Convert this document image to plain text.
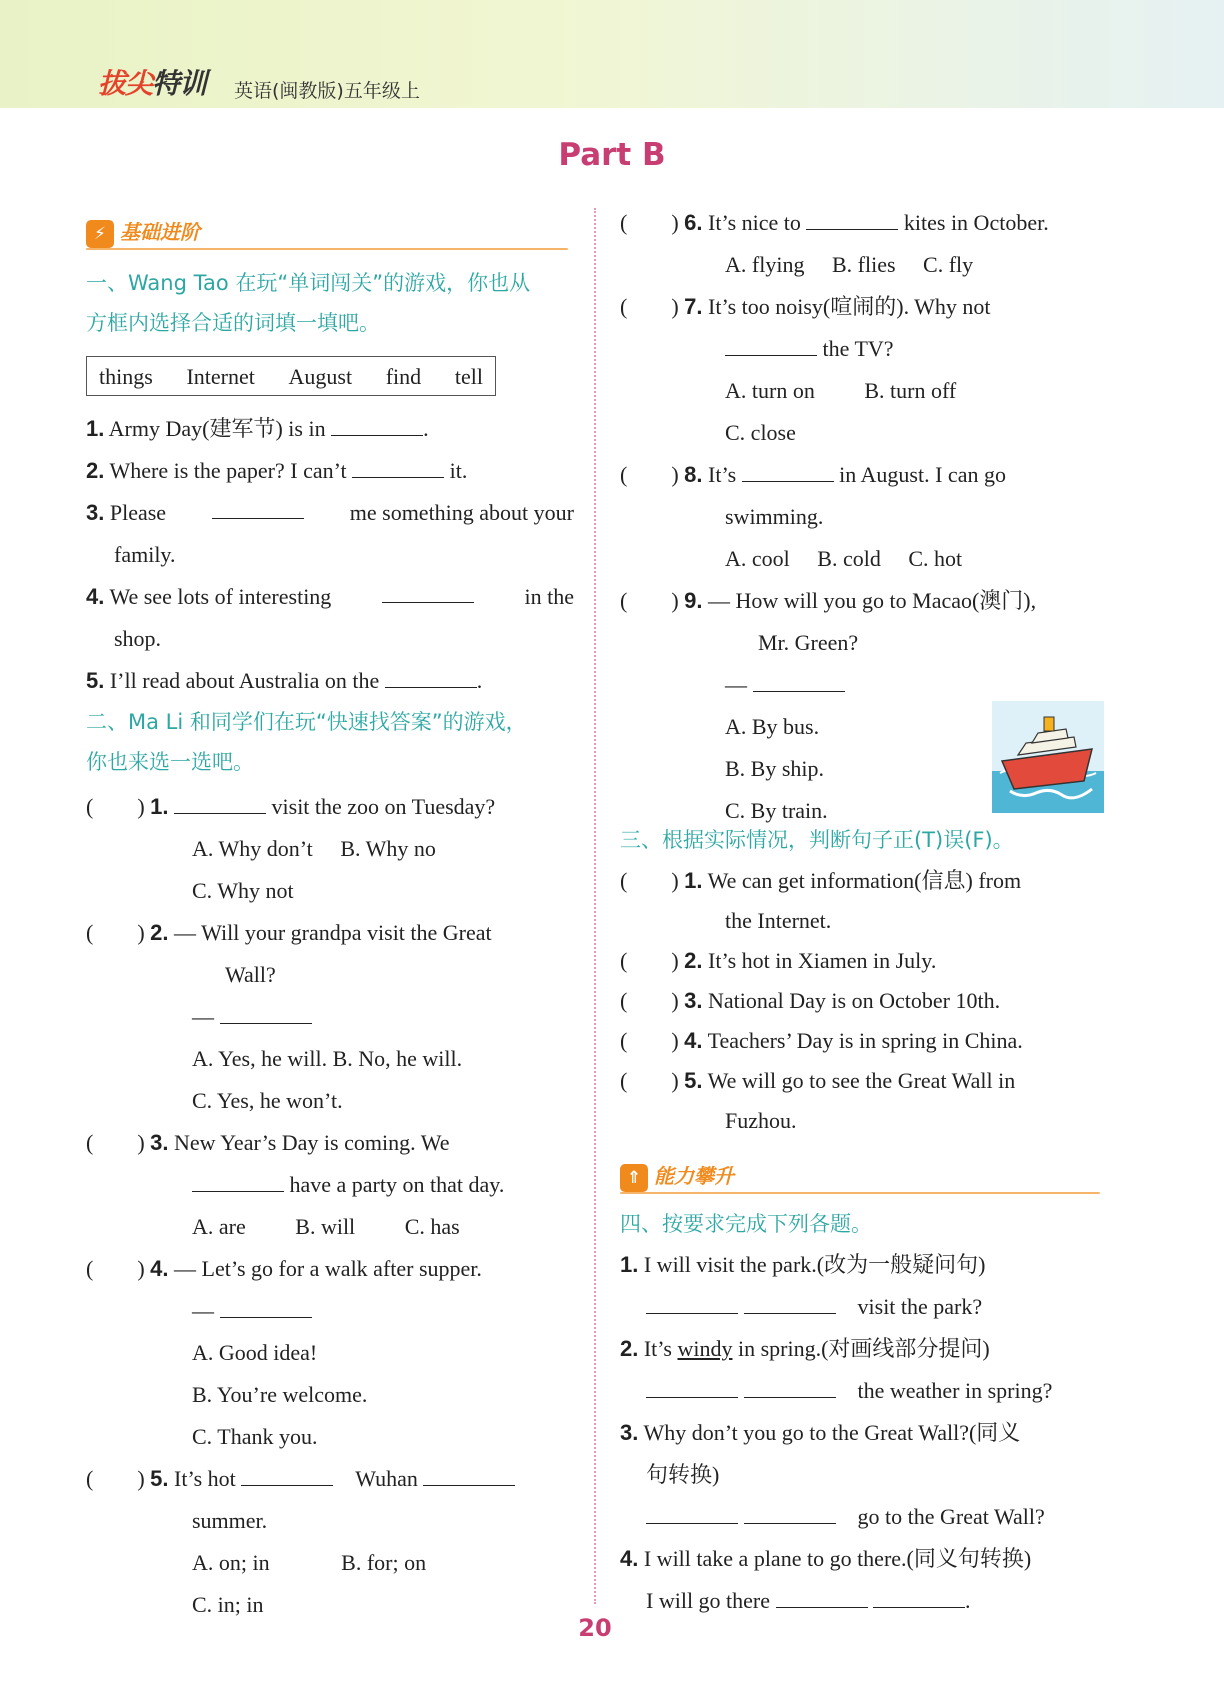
拔尖特训 英语(闽教版)五年级上
Part B
⚡ 基础进阶
一、Wang Tao 在玩“单词闯关”的游戏，你也从
方框内选择合适的词填一填吧。
things Internet August find tell
1. Army Day(建军节) is in	.
2. Where is the paper? I can’t	it.
3. Please	me something about your
family.
4. We see lots of interesting	in the
shop.
5. I’ll read about Australia on the	.
二、Ma Li 和同学们在玩“快速找答案”的游戏，
你也来选一选吧。
(　　) 1.	visit the zoo on Tuesday?
A. Why don’t　 B. Why no
C. Why not
(　　) 2. — Will your grandpa visit the Great
Wall?
—
A. Yes, he will. B. No, he will.
C. Yes, he won’t.
(　　) 3. New Year’s Day is coming. We
have a party on that day.
A. are　　 B. will　　 C. has
(　　) 4. — Let’s go for a walk after supper.
—
A. Good idea!
B. You’re welcome.
C. Thank you.
(　　) 5. It’s hot 　	Wuhan
summer.
A. on; in　　　	B. for; on
C. in; in
(　　) 6. It’s nice to	kites in October.
A. flying　 B. flies　 C. fly
(　　) 7. It’s too noisy(喧闹的). Why not
the TV?
A. turn on　　 B. turn off
C. close
(　　) 8. It’s	in August. I can go
swimming.
A. cool　 B. cold　 C. hot
(　　) 9. — How will you go to Macao(澳门),
Mr. Green?
—
A. By bus.
B. By ship.
C. By train.
三、根据实际情况，判断句子正(T)误(F)。
(　　) 1. We can get information(信息) from
the Internet.
(　　) 2. It’s hot in Xiamen in July.
(　　) 3. National Day is on October 10th.
(　　) 4. Teachers’ Day is in spring in China.
(　　) 5. We will go to see the Great Wall in
Fuzhou.
⇑ 能力攀升
四、按要求完成下列各题。
1. I will visit the park.(改为一般疑问句)
　visit the park?
2. It’s windy in spring.(对画线部分提问)
　the weather in spring?
3. Why don’t you go to the Great Wall?(同义
句转换)
　go to the Great Wall?
4. I will take a plane to go there.(同义句转换)
I will go there	.
20
